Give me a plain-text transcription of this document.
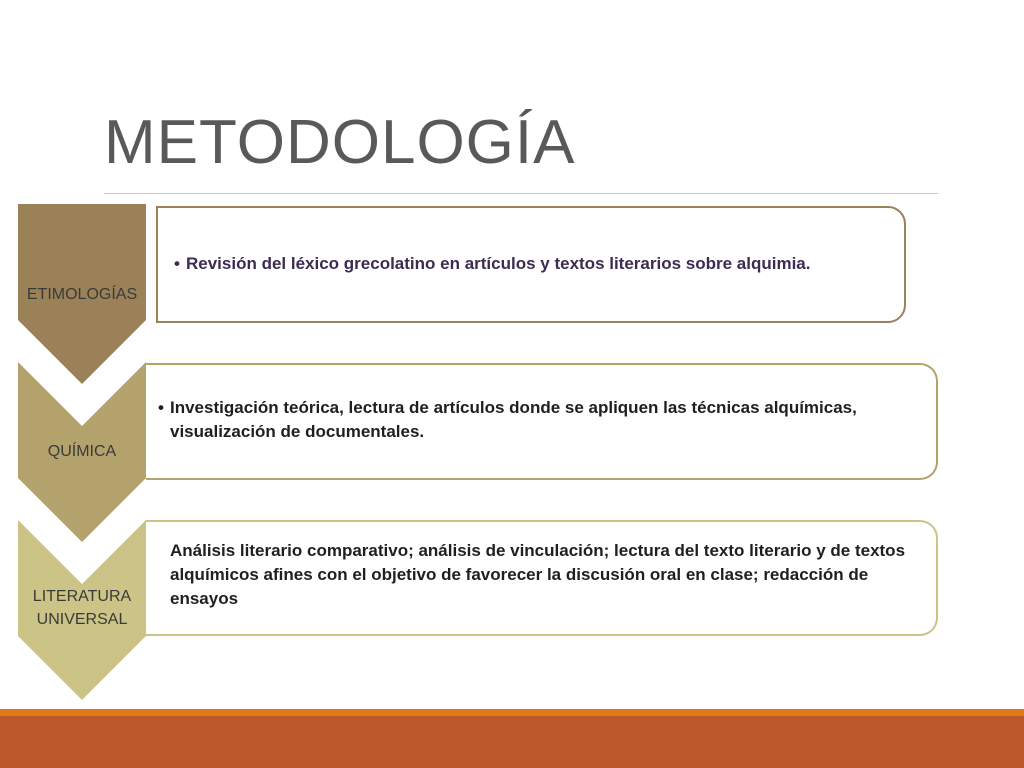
METODOLOGÍA
ETIMOLOGÍAS
QUÍMICA
LITERATURA
UNIVERSAL
• Revisión del léxico grecolatino en artículos y textos literarios sobre alquimia.
• Investigación teórica, lectura de artículos donde se apliquen las técnicas alquímicas, visualización de documentales.
Análisis literario comparativo; análisis de vinculación; lectura del texto literario y de textos alquímicos afines con el objetivo de favorecer la discusión oral en clase; redacción de ensayos
